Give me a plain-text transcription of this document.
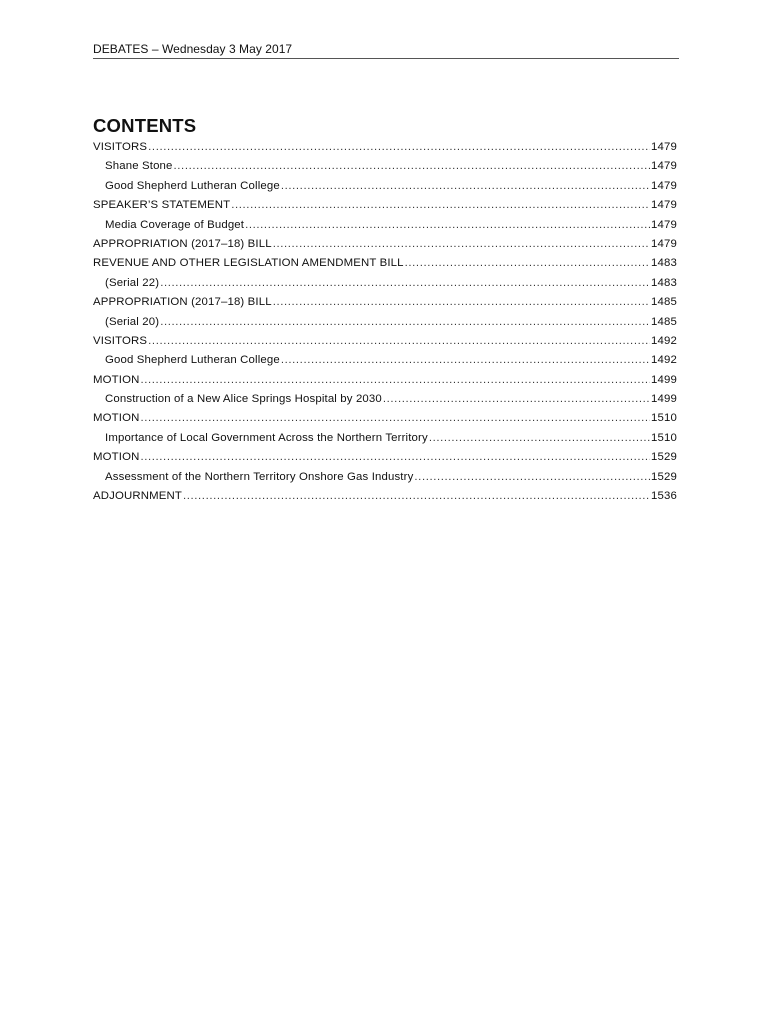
DEBATES – Wednesday 3 May 2017
CONTENTS
VISITORS .....	1479
Shane Stone .....	1479
Good Shepherd Lutheran College .....	1479
SPEAKER’S STATEMENT .....	1479
Media Coverage of Budget .....	1479
APPROPRIATION (2017–18) BILL .....	1479
REVENUE AND OTHER LEGISLATION AMENDMENT BILL .....	1483
(Serial 22) .....	1483
APPROPRIATION (2017–18) BILL .....	1485
(Serial 20) .....	1485
VISITORS .....	1492
Good Shepherd Lutheran College .....	1492
MOTION .....	1499
Construction of a New Alice Springs Hospital by 2030 .....	1499
MOTION .....	1510
Importance of Local Government Across the Northern Territory .....	1510
MOTION .....	1529
Assessment of the Northern Territory Onshore Gas Industry .....	1529
ADJOURNMENT .....	1536
